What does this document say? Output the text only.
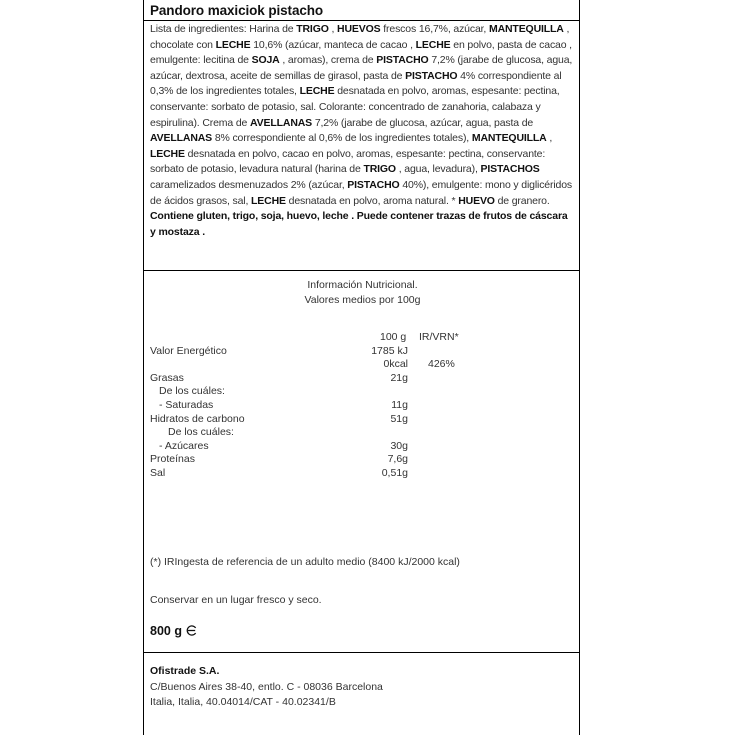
Pandoro maxiciok pistacho
Lista de ingredientes: Harina de TRIGO , HUEVOS frescos 16,7%, azúcar, MANTEQUILLA , chocolate con LECHE 10,6% (azúcar, manteca de cacao , LECHE en polvo, pasta de cacao , emulgente: lecitina de SOJA , aromas), crema de PISTACHO 7,2% (jarabe de glucosa, agua, azúcar, dextrosa, aceite de semillas de girasol, pasta de PISTACHO 4% correspondiente al 0,3% de los ingredientes totales, LECHE desnatada en polvo, aromas, espesante: pectina, conservante: sorbato de potasio, sal. Colorante: concentrado de zanahoria, calabaza y espirulina). Crema de AVELLANAS 7,2% (jarabe de glucosa, azúcar, agua, pasta de AVELLANAS 8% correspondiente al 0,6% de los ingredientes totales), MANTEQUILLA , LECHE desnatada en polvo, cacao en polvo, aromas, espesante: pectina, conservante: sorbato de potasio, levadura natural (harina de TRIGO , agua, levadura), PISTACHOS caramelizados desmenuzados 2% (azúcar, PISTACHO 40%), emulgente: mono y diglicéridos de ácidos grasos, sal, LECHE desnatada en polvo, aroma natural. * HUEVO de granero. Contiene gluten, trigo, soja, huevo, leche . Puede contener trazas de frutos de cáscara y mostaza .
Información Nutricional.
Valores medios por 100g
100 g IR/VRN*
Valor Energético	1785 kJ
0kcal 426%
Grasas	21g
De los cuáles:
- Saturadas	11g
Hidratos de carbono	51g
De los cuáles:
- Azúcares	30g
Proteínas	7,6g
Sal	0,51g
(*) IRIngesta de referencia de un adulto medio (8400 kJ/2000 kcal)
Conservar en un lugar fresco y seco.
800 g
Ofistrade S.A.
C/Buenos Aires 38-40, entlo. C - 08036 Barcelona
Italia, Italia, 40.04014/CAT - 40.02341/B
